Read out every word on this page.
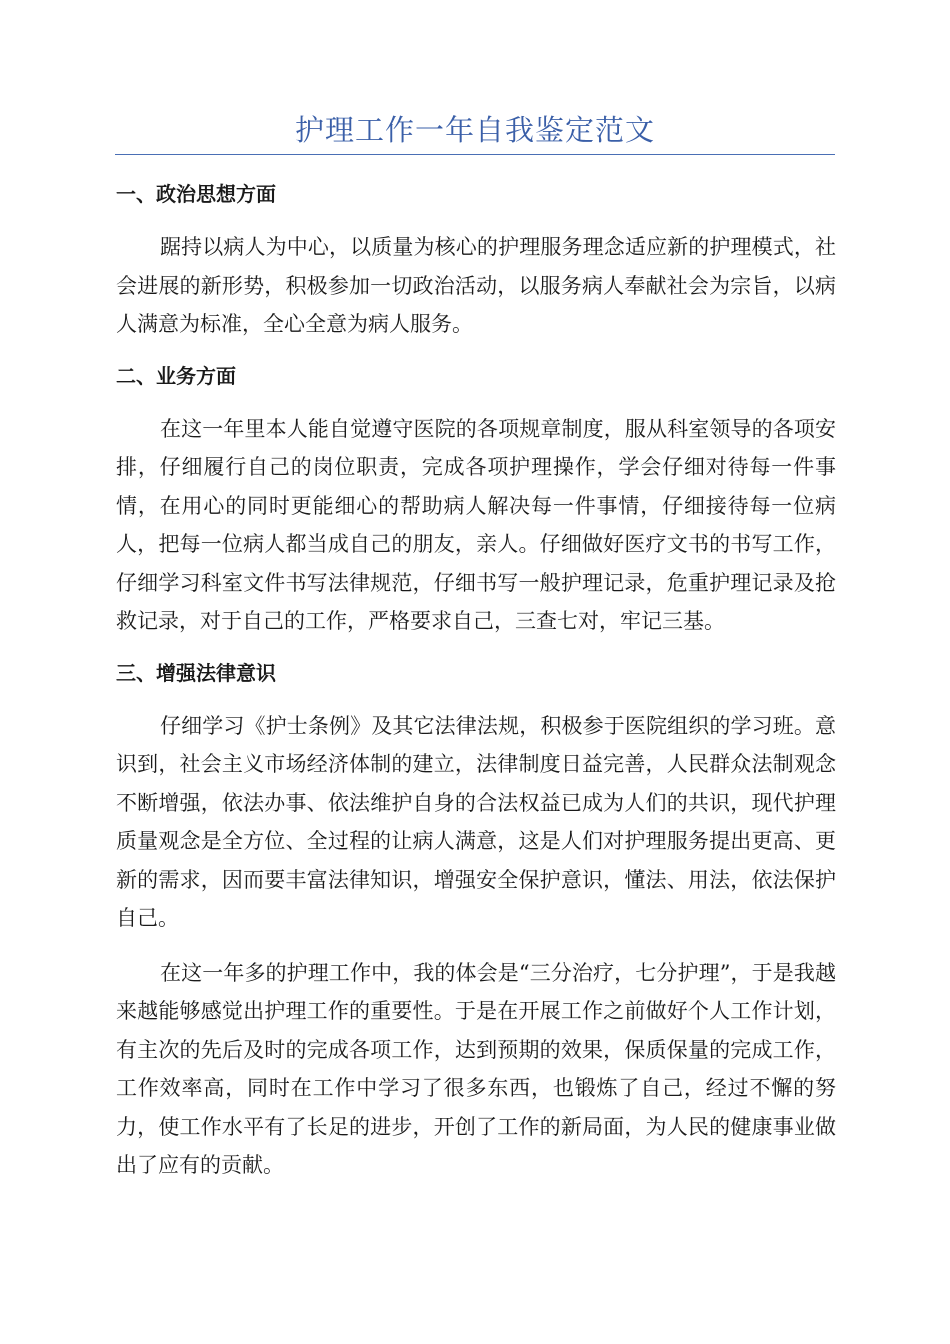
护理工作一年自我鉴定范文
一、政治思想方面

踞持以病人为中心，以质量为核心的护理服务理念适应新的护理模式，社会进展的新形势，积极参加一切政治活动，以服务病人奉献社会为宗旨，以病人满意为标准，全心全意为病人服务。

二、业务方面

在这一年里本人能自觉遵守医院的各项规章制度，服从科室领导的各项安排，仔细履行自己的岗位职责，完成各项护理操作，学会仔细对待每一件事情，在用心的同时更能细心的帮助病人解决每一件事情，仔细接待每一位病人，把每一位病人都当成自己的朋友，亲人。仔细做好医疗文书的书写工作，仔细学习科室文件书写法律规范，仔细书写一般护理记录，危重护理记录及抢救记录，对于自己的工作，严格要求自己，三查七对，牢记三基。

三、增强法律意识

仔细学习《护士条例》及其它法律法规，积极参于医院组织的学习班。意识到，社会主义市场经济体制的建立，法律制度日益完善，人民群众法制观念不断增强，依法办事、依法维护自身的合法权益已成为人们的共识，现代护理质量观念是全方位、全过程的让病人满意，这是人们对护理服务提出更高、更新的需求，因而要丰富法律知识，增强安全保护意识，懂法、用法，依法保护自己。

在这一年多的护理工作中，我的体会是“三分治疗，七分护理”，于是我越来越能够感觉出护理工作的重要性。于是在开展工作之前做好个人工作计划，有主次的先后及时的完成各项工作，达到预期的效果，保质保量的完成工作，工作效率高，同时在工作中学习了很多东西，也锻炼了自己，经过不懈的努力，使工作水平有了长足的进步，开创了工作的新局面，为人民的健康事业做出了应有的贡献。
